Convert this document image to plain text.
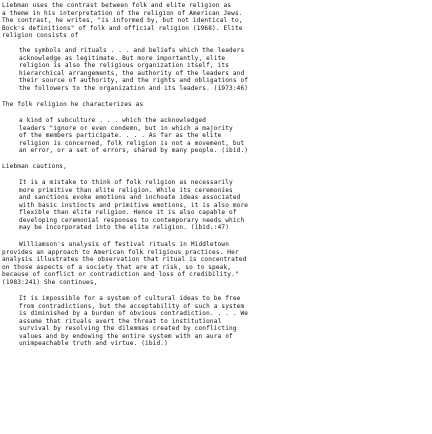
Liebman uses the contrast between folk and elite religion as

a theme in his interpretation of the religion of American Jews.

The contrast, he writes, "is informed by, but not identical to,

Bock's definitions" of folk and official religion (1968). Elite

religion consists of

the symbols and rituals . . . and beliefs which the leaders

acknowledge as legitimate. But more importantly, elite

religion is also the religious organization itself, its

hierarchical arrangements, the authority of the leaders and

their source of authority, and the rights and obligations of

the followers to the organization and its leaders. (1973:46)

The folk religion he characterizes as

a kind of subculture . . . which the acknowledged

leaders "ignore or even condemn, but in which a majority

of the members participate. . . . As far as the elite

religion is concerned, folk religion is not a movement, but

an error, or a set of errors, shared by many people. (ibid.)

Liebman cautions,

It is a mistake to think of folk religion as necessarily

more primitive than elite religion. While its ceremonies

and sanctions evoke emotions and inchoate ideas associated

with basic instincts and primitive emotions, it is also more

flexible than elite religion. Hence it is also capable of

developing ceremonial responses to contemporary needs which

may be incorporated into the elite religion. (ibid.:47)

Williamson's analysis of festival rituals in Middletown

provides an approach to American folk religious practices. Her

analysis illustrates the observation that ritual is concentrated

on those aspects of a society that are at risk, so to speak,

because of conflict or contradiction and loss of credibility."

(1983:241) She continues,

It is impossible for a system of cultural ideas to be free

from contradictions, but the acceptability of such a system

is diminished by a burden of obvious contradiction. . . . We

assume that rituals avert the threat to institutional

survival by resolving the dilemmas created by conflicting

values and by endowing the entire system with an aura of

unimpeachable truth and virtue. (ibid.)
